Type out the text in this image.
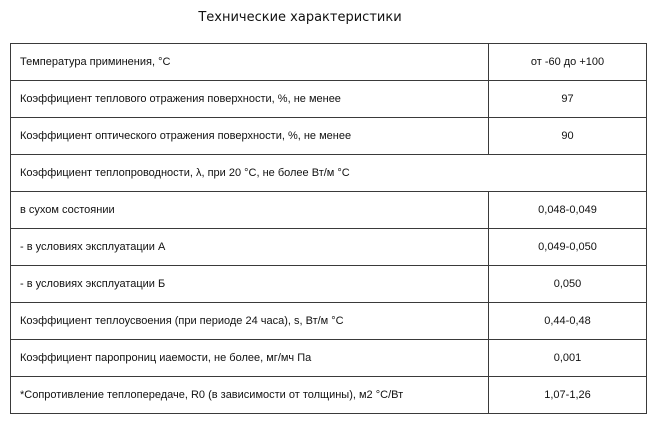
Технические характеристики
Температура приминения, °С	от -60 до +100
Коэффициент теплового отражения поверхности, %, не менее	97
Коэффициент оптического отражения поверхности, %, не менее	90
Коэффициент теплопроводности, λ, при 20 °С, не более Вт/м °С	
в сухом состоянии	0,048-0,049
- в условиях эксплуатации А	0,049-0,050
- в условиях эксплуатации Б	0,050
Коэффициент теплоусвоения (при периоде 24 часа), s, Вт/м °С	0,44-0,48
Коэффициент паропрониц иаемости, не более, мг/мч Па	0,001
*Сопротивление теплопередаче, R0 (в зависимости от толщины), м2 °С/Вт	1,07-1,26
